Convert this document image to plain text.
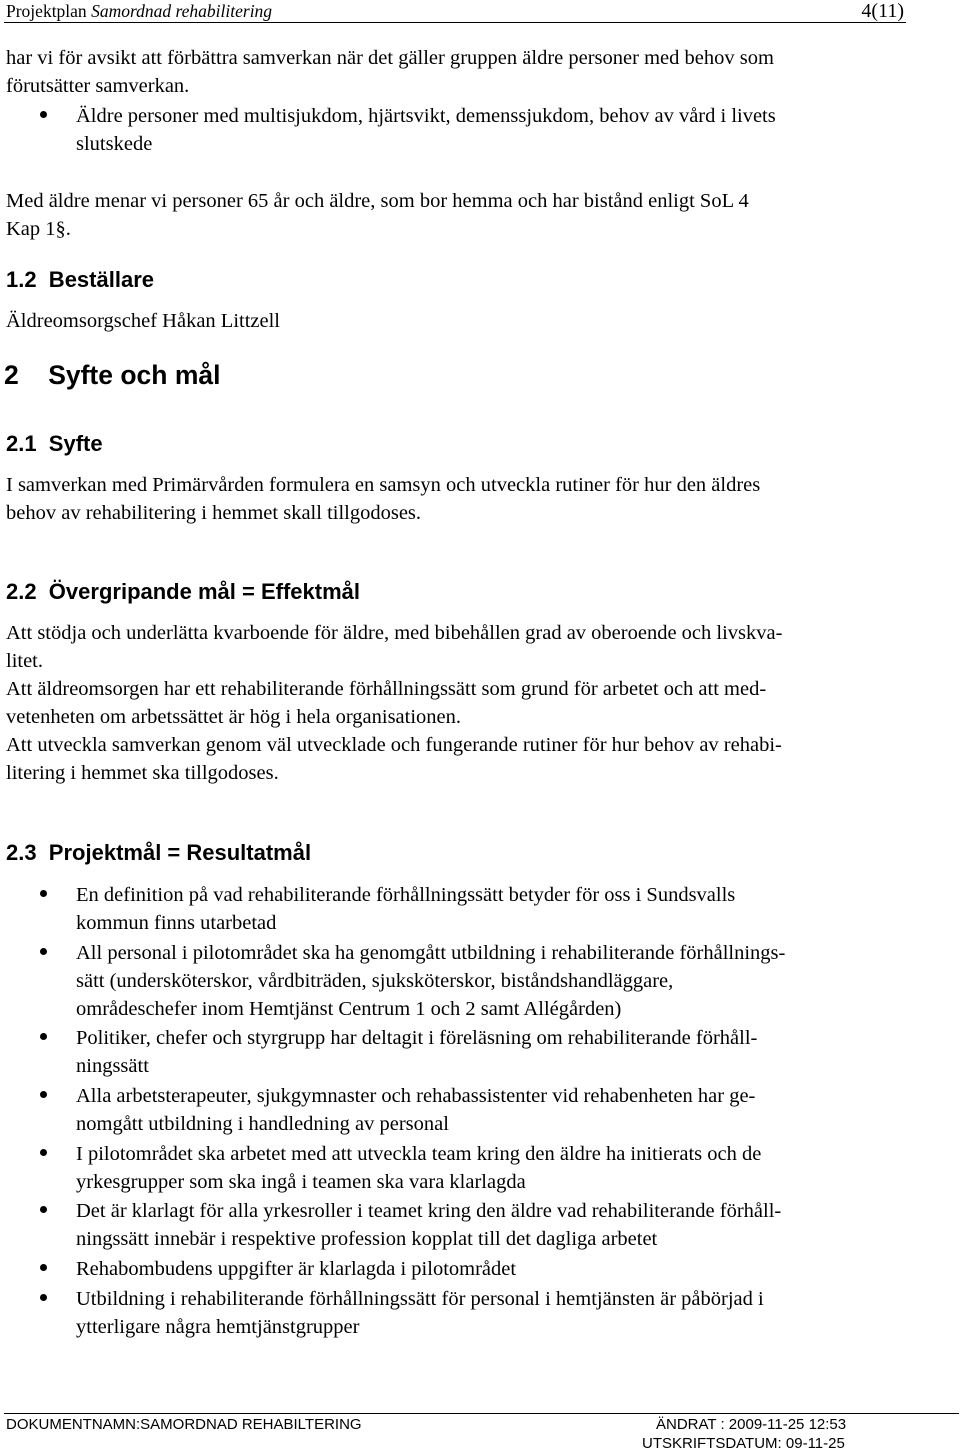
Projektplan Samordnad rehabilitering	4(11)
har vi för avsikt att förbättra samverkan när det gäller gruppen äldre personer med behov som
förutsätter samverkan.
Äldre personer med multisjukdom, hjärtsvikt, demenssjukdom, behov av vård i livets
slutskede
Med äldre menar vi personer 65 år och äldre, som bor hemma och har bistånd enligt SoL 4
Kap 1§.
1.2  Beställare
Äldreomsorgschef Håkan Littzell
2    Syfte och mål
2.1  Syfte
I samverkan med Primärvården formulera en samsyn och utveckla rutiner för hur den äldres
behov av rehabilitering i hemmet skall tillgodoses.
2.2  Övergripande mål = Effektmål
Att stödja och underlätta kvarboende för äldre, med bibehållen grad av oberoende och livskva-
litet.
Att äldreomsorgen har ett rehabiliterande förhållningssätt som grund för arbetet och att med-
vetenheten om arbetssättet är hög i hela organisationen.
Att utveckla samverkan genom väl utvecklade och fungerande rutiner för hur behov av rehabi-
litering i hemmet ska tillgodoses.
2.3  Projektmål = Resultatmål
En definition på vad rehabiliterande förhållningssätt betyder för oss i Sundsvalls
kommun finns utarbetad
All personal i pilotområdet ska ha genomgått utbildning i rehabiliterande förhållnings-
sätt (undersköterskor, vårdbiträden, sjuksköterskor, biståndshandläggare,
områdeschefer inom Hemtjänst Centrum 1 och 2 samt Allégården)
Politiker, chefer och styrgrupp har deltagit i föreläsning om rehabiliterande förhåll-
ningssätt
Alla arbetsterapeuter, sjukgymnaster och rehabassistenter vid rehabenheten har ge-
nomgått utbildning i handledning av personal
I pilotområdet ska arbetet med att utveckla team kring den äldre ha initierats och de
yrkesgrupper som ska ingå i teamen ska vara klarlagda
Det är klarlagt för alla yrkesroller i teamet kring den äldre vad rehabiliterande förhåll-
ningssätt innebär i respektive profession kopplat till det dagliga arbetet
Rehabombudens uppgifter är klarlagda i pilotområdet
Utbildning i rehabiliterande förhållningssätt för personal i hemtjänsten är påbörjad i
ytterligare några hemtjänstgrupper
DOKUMENTNAMN:SAMORDNAD REHABILTERING	ÄNDRAT : 2009-11-25 12:53
UTSKRIFTSDATUM: 09-11-25
